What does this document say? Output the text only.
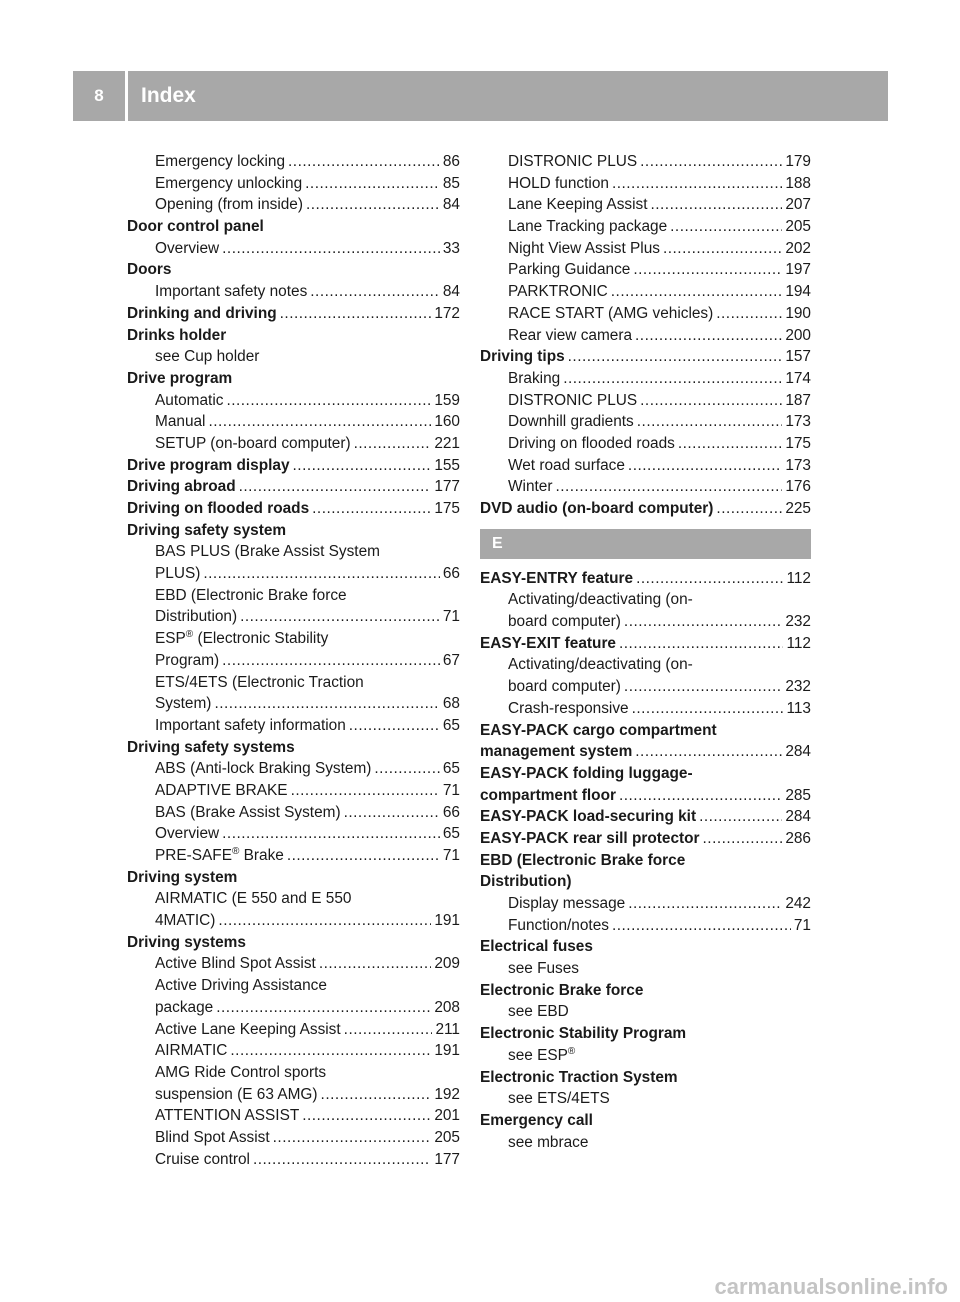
8	Index
Emergency locking .....	86
Emergency unlocking .....	85
Opening (from inside) .....	84
Door control panel
Overview .....	33
Doors
Important safety notes .....	84
Drinking and driving .....	172
Drinks holder
see Cup holder
Drive program
Automatic .....	159
Manual .....	160
SETUP (on-board computer) .....	221
Drive program display .....	155
Driving abroad .....	177
Driving on flooded roads .....	175
Driving safety system
BAS PLUS (Brake Assist System
PLUS) .....	66
EBD (Electronic Brake force
Distribution) .....	71
ESP® (Electronic Stability
Program) .....	67
ETS/4ETS (Electronic Traction
System) .....	68
Important safety information .....	65
Driving safety systems
ABS (Anti-lock Braking System) .....	65
ADAPTIVE BRAKE .....	71
BAS (Brake Assist System) .....	66
Overview .....	65
PRE-SAFE® Brake .....	71
Driving system
AIRMATIC (E 550 and E 550
4MATIC) .....	191
Driving systems
Active Blind Spot Assist .....	209
Active Driving Assistance
package .....	208
Active Lane Keeping Assist .....	211
AIRMATIC .....	191
AMG Ride Control sports
suspension (E 63 AMG) .....	192
ATTENTION ASSIST .....	201
Blind Spot Assist .....	205
Cruise control .....	177
DISTRONIC PLUS .....	179
HOLD function .....	188
Lane Keeping Assist .....	207
Lane Tracking package .....	205
Night View Assist Plus .....	202
Parking Guidance .....	197
PARKTRONIC .....	194
RACE START (AMG vehicles) .....	190
Rear view camera .....	200
Driving tips .....	157
Braking .....	174
DISTRONIC PLUS .....	187
Downhill gradients .....	173
Driving on flooded roads .....	175
Wet road surface .....	173
Winter .....	176
DVD audio (on-board computer) .....	225
E
EASY-ENTRY feature .....	112
Activating/deactivating (on-
board computer) .....	232
EASY-EXIT feature .....	112
Activating/deactivating (on-
board computer) .....	232
Crash-responsive .....	113
EASY-PACK cargo compartment
management system .....	284
EASY-PACK folding luggage-
compartment floor .....	285
EASY-PACK load-securing kit .....	284
EASY-PACK rear sill protector .....	286
EBD (Electronic Brake force
Distribution)
Display message .....	242
Function/notes .....	71
Electrical fuses
see Fuses
Electronic Brake force
see EBD
Electronic Stability Program
see ESP®
Electronic Traction System
see ETS/4ETS
Emergency call
see mbrace
carmanualsonline.info
